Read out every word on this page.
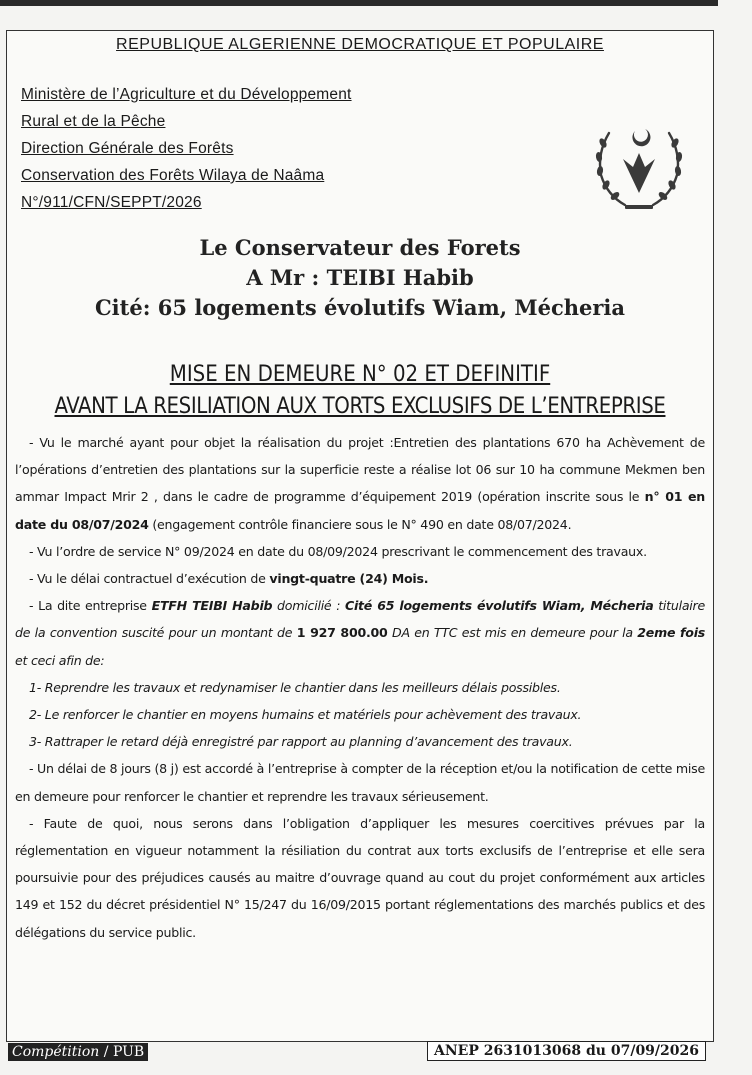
REPUBLIQUE ALGERIENNE DEMOCRATIQUE ET POPULAIRE
Ministère de l’Agriculture et du Développement
Rural et de la Pêche
Direction Générale des Forêts
Conservation des Forêts Wilaya de Naâma
N°/911/CFN/SEPPT/2026
Le Conservateur des Forets
A Mr : TEIBI Habib
Cité: 65 logements évolutifs Wiam, Mécheria
MISE EN DEMEURE N° 02 ET DEFINITIF
AVANT LA RESILIATION AUX TORTS EXCLUSIFS DE L’ENTREPRISE

- Vu le marché ayant pour objet la réalisation du projet :Entretien des plantations 670 ha Achèvement de l’opérations d’entretien des plantations sur la superficie reste a réalise lot 06 sur 10 ha commune Mekmen ben ammar Impact Mrir 2 , dans le cadre de programme d’équipement 2019 (opération inscrite sous le n° 01 en date du 08/07/2024 (engagement contrôle financiere sous le N° 490 en date 08/07/2024.

- Vu l’ordre de service N° 09/2024 en date du 08/09/2024 prescrivant le commencement des travaux.

- Vu le délai contractuel d’exécution de vingt-quatre (24) Mois.

- La dite entreprise ETFH TEIBI Habib domicilié : Cité 65 logements évolutifs Wiam, Mécheria titulaire de la convention suscité pour un montant de 1 927 800.00 DA en TTC est mis en demeure pour la 2eme fois et ceci afin de:

1- Reprendre les travaux et redynamiser le chantier dans les meilleurs délais possibles.

2- Le renforcer le chantier en moyens humains et matériels pour achèvement des travaux.

3- Rattraper le retard déjà enregistré par rapport au planning d’avancement des travaux.

- Un délai de 8 jours (8 j) est accordé à l’entreprise à compter de la réception et/ou la notification de cette mise en demeure pour renforcer le chantier et reprendre les travaux sérieusement.

- Faute de quoi, nous serons dans l’obligation d’appliquer les mesures coercitives prévues par la réglementation en vigueur notamment la résiliation du contrat aux torts exclusifs de l’entreprise et elle sera poursuivie pour des préjudices causés au maitre d’ouvrage quand au cout du projet conformément aux articles 149 et 152 du décret présidentiel N° 15/247 du 16/09/2015 portant réglementations des marchés publics et des délégations du service public.

Compétition / PUB	ANEP 2631013068 du 07/09/2026
